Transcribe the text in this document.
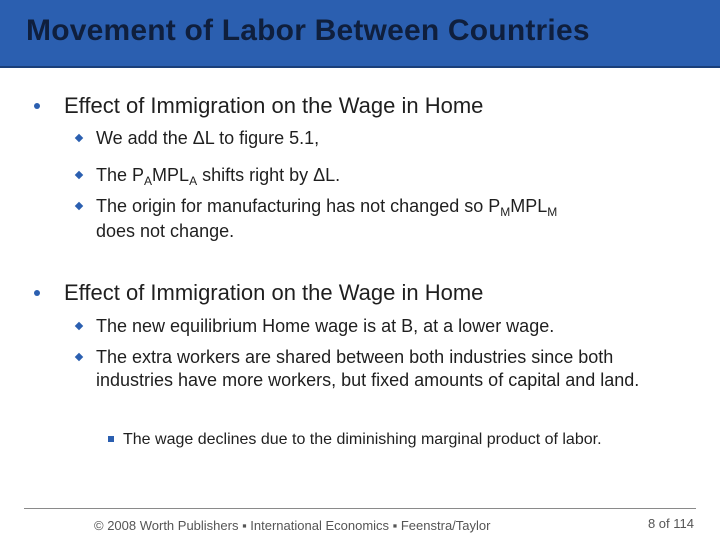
Movement of Labor Between Countries
Effect of Immigration on the Wage in Home
We add the ΔL to figure 5.1,
The $P_AMPL_A$ shifts right by ΔL.
The origin for manufacturing has not changed so $P_MMPL_M$
does not change.
Effect of Immigration on the Wage in Home
The new equilibrium Home wage is at B, at a lower wage.
The extra workers are shared between both industries since both industries have more workers, but fixed amounts of capital and land.
The wage declines due to the diminishing marginal product of labor.
© 2008 Worth Publishers ▪ International Economics ▪ Feenstra/Taylor	8 of 114
